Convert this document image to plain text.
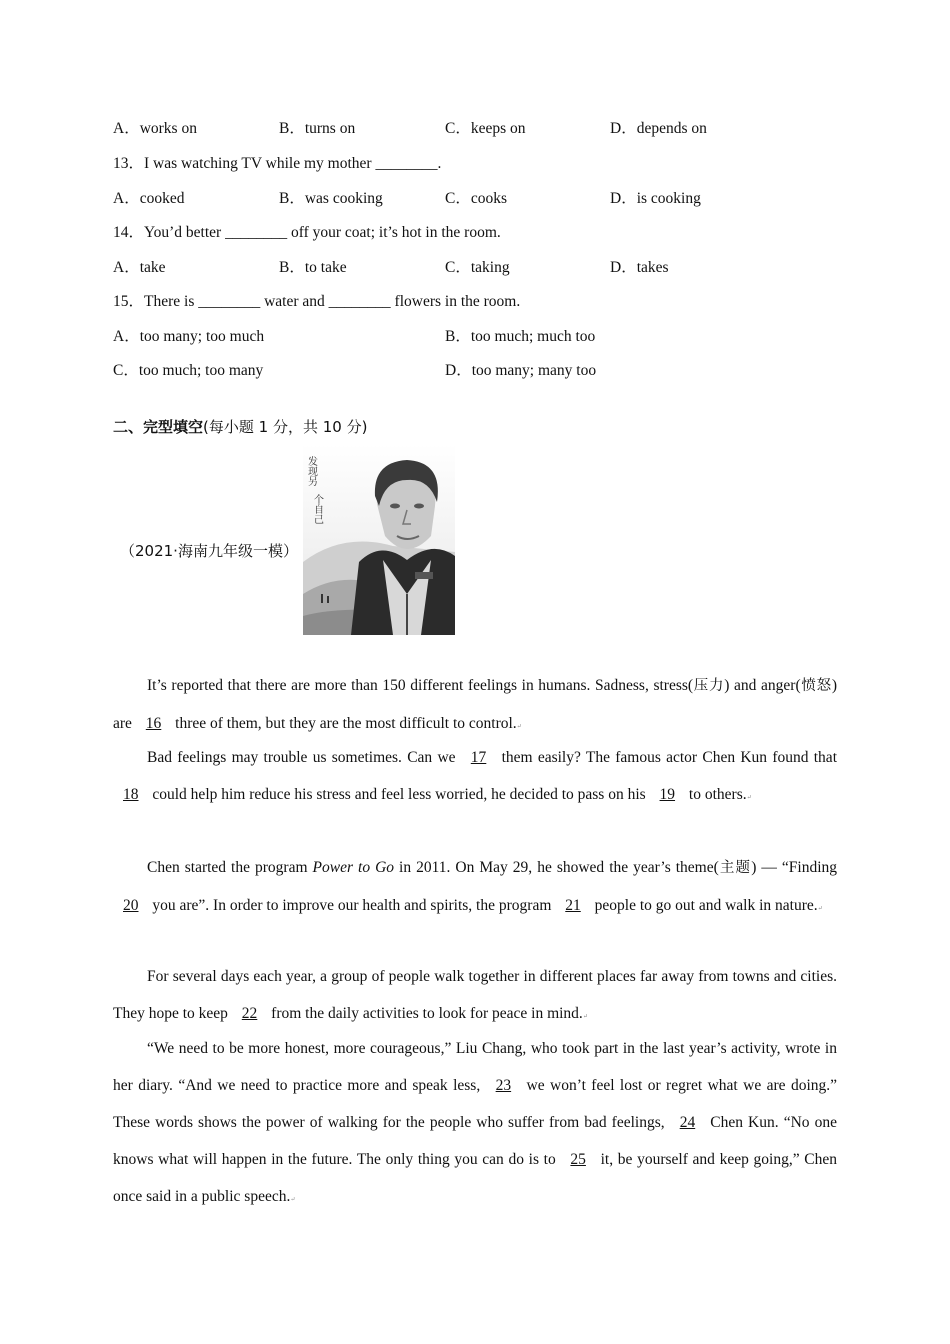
A．works on	B．turns on	C．keeps on	D．depends on
13．I was watching TV while my mother ________.
A．cooked	B．was cooking	C．cooks	D．is cooking
14．You’d better ________ off your coat; it’s hot in the room.
A．take	B．to take	C．taking	D．takes
15．There is ________ water and ________ flowers in the room.
A．too many; too much	B．too much; much too
C．too much; too many	D．too many; many too
二、完型填空(每小题 1 分，共 10 分)
（2021·海南九年级一模）
发现另
个自己

It’s reported that there are more than 150 different feelings in humans. Sadness, stress(压力) and anger(愤怒) are 16 three of them, but they are the most difficult to control.↵

Bad feelings may trouble us sometimes. Can we 17 them easily? The famous actor Chen Kun found that 18 could help him reduce his stress and feel less worried, he decided to pass on his 19 to others.↵

Chen started the program Power to Go in 2011. On May 29, he showed the year’s theme(主题) — “Finding 20 you are”. In order to improve our health and spirits, the program 21 people to go out and walk in nature.↵

For several days each year, a group of people walk together in different places far away from towns and cities. They hope to keep 22 from the daily activities to look for peace in mind.↵

“We need to be more honest, more courageous,” Liu Chang, who took part in the last year’s activity, wrote in her diary. “And we need to practice more and speak less, 23 we won’t feel lost or regret what we are doing.” These words shows the power of walking for the people who suffer from bad feelings, 24 Chen Kun. “No one knows what will happen in the future. The only thing you can do is to 25 it, be yourself and keep going,” Chen once said in a public speech.↵
